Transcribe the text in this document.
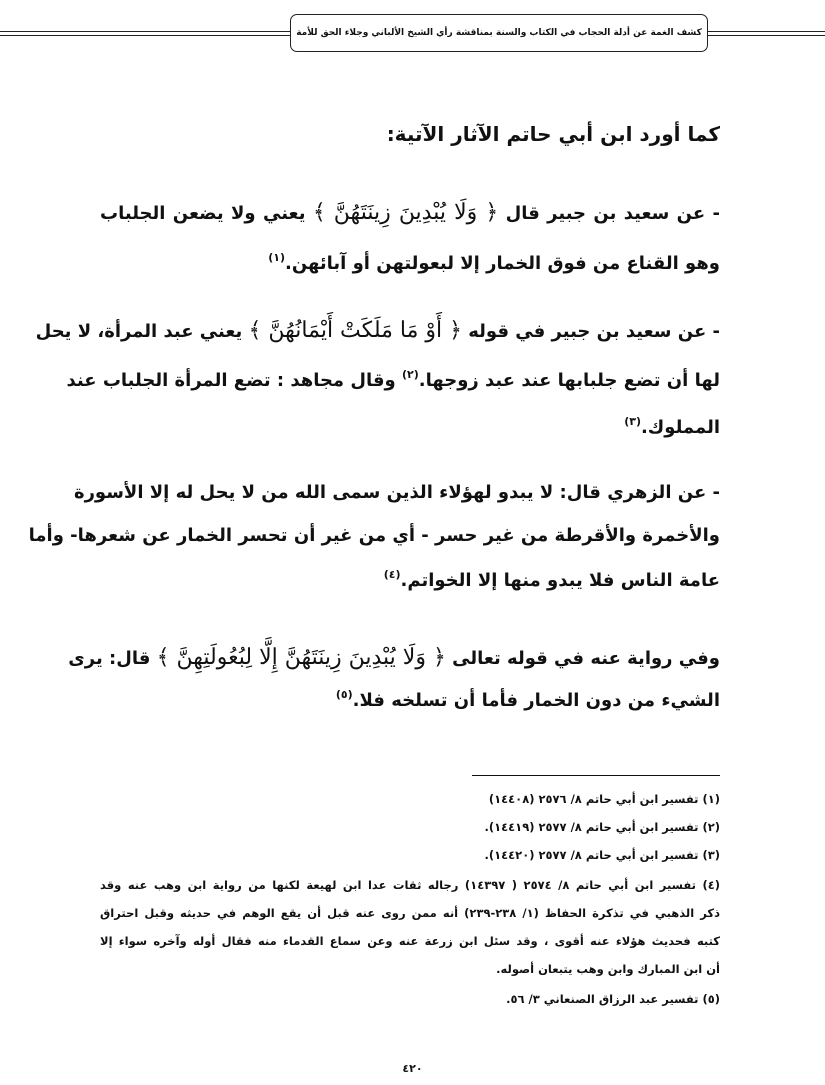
كشف الغمة عن أدلة الحجاب في الكتاب والسنة بمناقشة رأي الشيخ الألباني وجلاء الحق للأمة
كما أورد ابن أبي حاتم الآثار الآتية:
- عن سعيد بن جبير قال ﴿ وَلَا يُبْدِينَ زِينَتَهُنَّ ﴾ يعني ولا يضعن الجلباب
وهو القناع من فوق الخمار إلا لبعولتهن أو آبائهن.$^{(١)}$
- عن سعيد بن جبير في قوله ﴿ أَوْ مَا مَلَكَتْ أَيْمَانُهُنَّ ﴾ يعني عبد المرأة، لا يحل
لها أن تضع جلبابها عند عبد زوجها.$^{(٢)}$ وقال مجاهد : تضع المرأة الجلباب عند
المملوك.$^{(٣)}$
- عن الزهري قال: لا يبدو لهؤلاء الذين سمى الله من لا يحل له إلا الأسورة
والأخمرة والأقرطة من غير حسر - أي من غير أن تحسر الخمار عن شعرها- وأما
عامة الناس فلا يبدو منها إلا الخواتم.$^{(٤)}$
وفي رواية عنه في قوله تعالى ﴿ وَلَا يُبْدِينَ زِينَتَهُنَّ إِلَّا لِبُعُولَتِهِنَّ ﴾ قال: يرى
الشيء من دون الخمار فأما أن تسلخه فلا.$^{(٥)}$
(١) تفسير ابن أبي حاتم ٨/ ٢٥٧٦ (١٤٤٠٨)
(٢) تفسير ابن أبي حاتم ٨/ ٢٥٧٧ (١٤٤١٩).
(٣) تفسير ابن أبي حاتم ٨/ ٢٥٧٧ (١٤٤٢٠).
(٤) تفسير ابن أبي حاتم ٨/ ٢٥٧٤ ( ١٤٣٩٧) رجاله ثقات عدا ابن لهيعة لكنها من رواية ابن وهب عنه وقد
ذكر الذهبي في تذكرة الحفاظ (١/ ٢٣٨-٢٣٩) أنه ممن روى عنه قبل أن يقع الوهم في حديثه وقبل احتراق
كتبه فحديث هؤلاء عنه أقوى ، وقد سئل ابن زرعة عنه وعن سماع القدماء منه فقال أوله وآخره سواء إلا
أن ابن المبارك وابن وهب يتبعان أصوله.
(٥) تفسير عبد الرزاق الصنعاني ٣/ ٥٦.
٤٢٠
